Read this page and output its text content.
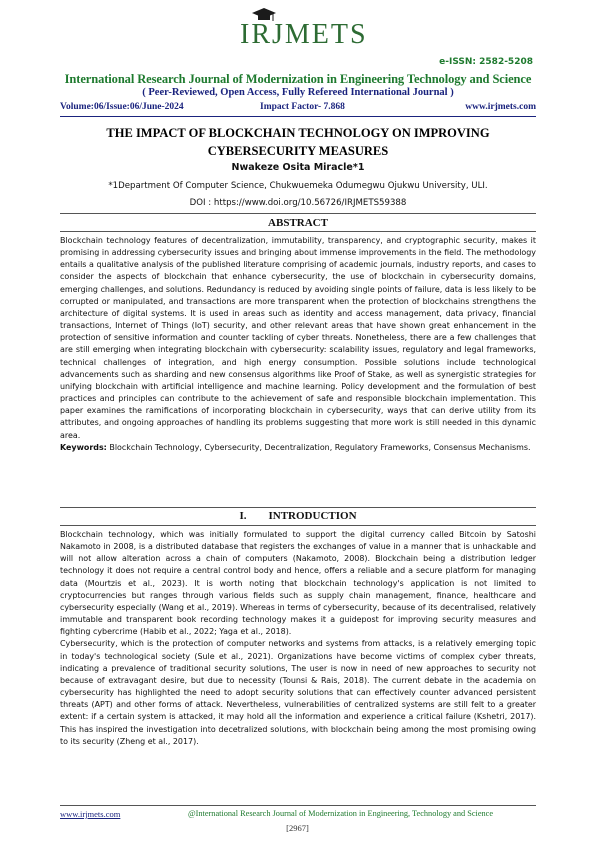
IRJMETS
e-ISSN: 2582-5208
International Research Journal of Modernization in Engineering Technology and Science
( Peer-Reviewed, Open Access, Fully Refereed International Journal )
Volume:06/Issue:06/June-2024	Impact Factor- 7.868	www.irjmets.com
THE IMPACT OF BLOCKCHAIN TECHNOLOGY ON IMPROVING
CYBERSECURITY MEASURES
Nwakeze Osita Miracle*1
*1Department Of Computer Science, Chukwuemeka Odumegwu Ojukwu University, ULI.
DOI : https://www.doi.org/10.56726/IRJMETS59388
ABSTRACT

Blockchain technology features of decentralization, immutability, transparency, and cryptographic security, makes it promising in addressing cybersecurity issues and bringing about immense improvements in the field. The methodology entails a qualitative analysis of the published literature comprising of academic journals, industry reports, and cases to consider the aspects of blockchain that enhance cybersecurity, the use of blockchain in cybersecurity domains, emerging challenges, and solutions. Redundancy is reduced by avoiding single points of failure, data is less likely to be corrupted or manipulated, and transactions are more transparent when the protection of blockchains strengthens the architecture of digital systems. It is used in areas such as identity and access management, data privacy, financial transactions, Internet of Things (IoT) security, and other relevant areas that have shown great enhancement in the protection of sensitive information and counter tackling of cyber threats. Nonetheless, there are a few challenges that are still emerging when integrating blockchain with cybersecurity: scalability issues, regulatory and legal frameworks, technical challenges of integration, and high energy consumption. Possible solutions include technological advancements such as sharding and new consensus algorithms like Proof of Stake, as well as synergistic strategies for unifying blockchain with artificial intelligence and machine learning. Policy development and the formulation of best practices and principles can contribute to the achievement of safe and responsible blockchain implementation. This paper examines the ramifications of incorporating blockchain in cybersecurity, ways that can derive utility from its attributes, and ongoing approaches of handling its problems suggesting that more work is still needed in this dynamic area.

Keywords: Blockchain Technology, Cybersecurity, Decentralization, Regulatory Frameworks, Consensus Mechanisms.

I.        INTRODUCTION

Blockchain technology, which was initially formulated to support the digital currency called Bitcoin by Satoshi Nakamoto in 2008, is a distributed database that registers the exchanges of value in a manner that is unhackable and will not allow alteration across a chain of computers (Nakamoto, 2008). Blockchain being a distribution ledger technology it does not require a central control body and hence, offers a reliable and a secure platform for managing data (Mourtzis et al., 2023). It is worth noting that blockchain technology's application is not limited to cryptocurrencies but ranges through various fields such as supply chain management, finance, healthcare and cybersecurity especially (Wang et al., 2019). Whereas in terms of cybersecurity, because of its decentralised, relatively immutable and transparent book recording technology makes it a guidepost for improving security measures and fighting cybercrime (Habib et al., 2022; Yaga et al., 2018).

Cybersecurity, which is the protection of computer networks and systems from attacks, is a relatively emerging topic in today's technological society (Sule et al., 2021). Organizations have become victims of complex cyber threats, indicating a prevalence of traditional security solutions, The user is now in need of new approaches to security not because of extravagant desire, but due to necessity (Tounsi & Rais, 2018). The current debate in the academia on cybersecurity has highlighted the need to adopt security solutions that can effectively counter advanced persistent threats (APT) and other forms of attack. Nevertheless, vulnerabilities of centralized systems are still felt to a greater extent: if a certain system is attacked, it may hold all the information and experience a critical failure (Kshetri, 2017). This has inspired the investigation into decetralized solutions, with blockchain being among the most promising owing to its security (Zheng et al., 2017).

www.irjmets.com	@International Research Journal of Modernization in Engineering, Technology and Science
[2967]
